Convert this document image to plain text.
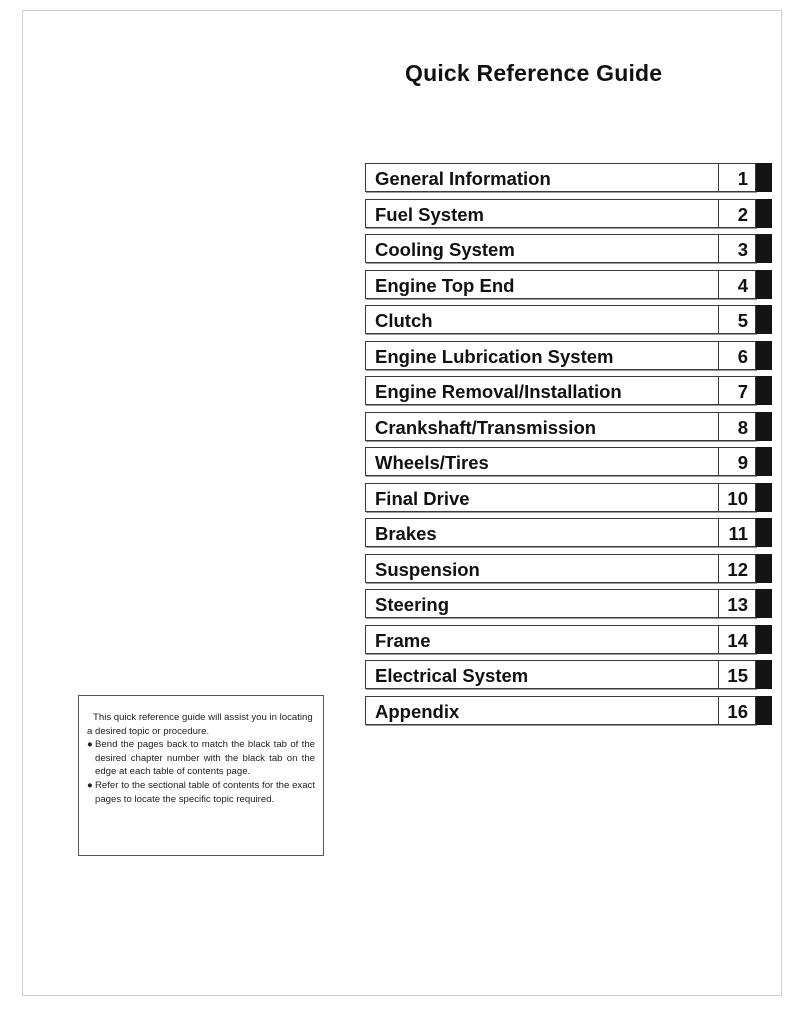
Quick Reference Guide
General Information	1
Fuel System	2
Cooling System	3
Engine Top End	4
Clutch	5
Engine Lubrication System	6
Engine Removal/Installation	7
Crankshaft/Transmission	8
Wheels/Tires	9
Final Drive	10
Brakes	11
Suspension	12
Steering	13
Frame	14
Electrical System	15
Appendix	16

This quick reference guide will assist you in locating a desired topic or procedure.

● Bend the pages back to match the black tab of the desired chapter number with the black tab on the edge at each table of contents page.

● Refer to the sectional table of contents for the exact pages to locate the specific topic required.
